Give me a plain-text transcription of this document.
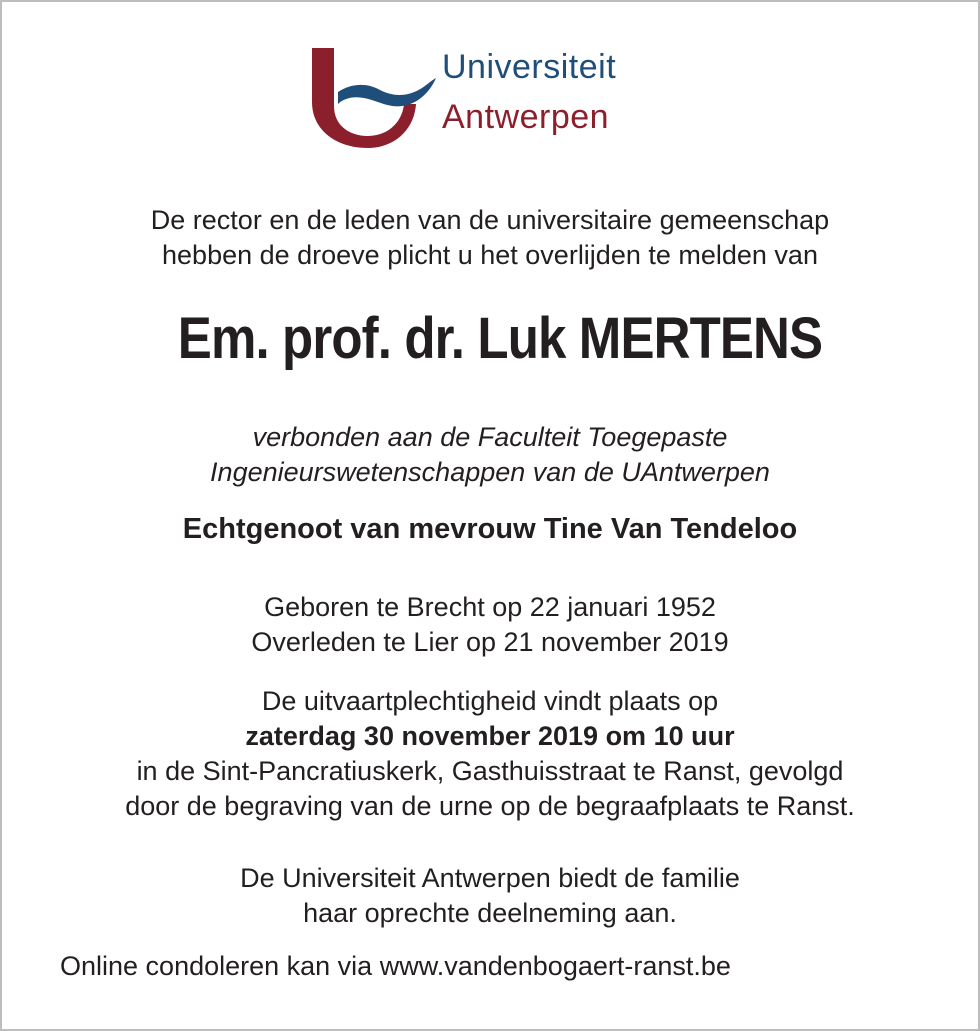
Universiteit
Antwerpen
De rector en de leden van de universitaire gemeenschap
hebben de droeve plicht u het overlijden te melden van
Em. prof. dr. Luk MERTENS
verbonden aan de Faculteit Toegepaste
Ingenieurswetenschappen van de UAntwerpen
Echtgenoot van mevrouw Tine Van Tendeloo
Geboren te Brecht op 22 januari 1952
Overleden te Lier op 21 november 2019
De uitvaartplechtigheid vindt plaats op
zaterdag 30 november 2019 om 10 uur
in de Sint-Pancratiuskerk, Gasthuisstraat te Ranst, gevolgd
door de begraving van de urne op de begraafplaats te Ranst.
De Universiteit Antwerpen biedt de familie
haar oprechte deelneming aan.
Online condoleren kan via www.vandenbogaert-ranst.be
